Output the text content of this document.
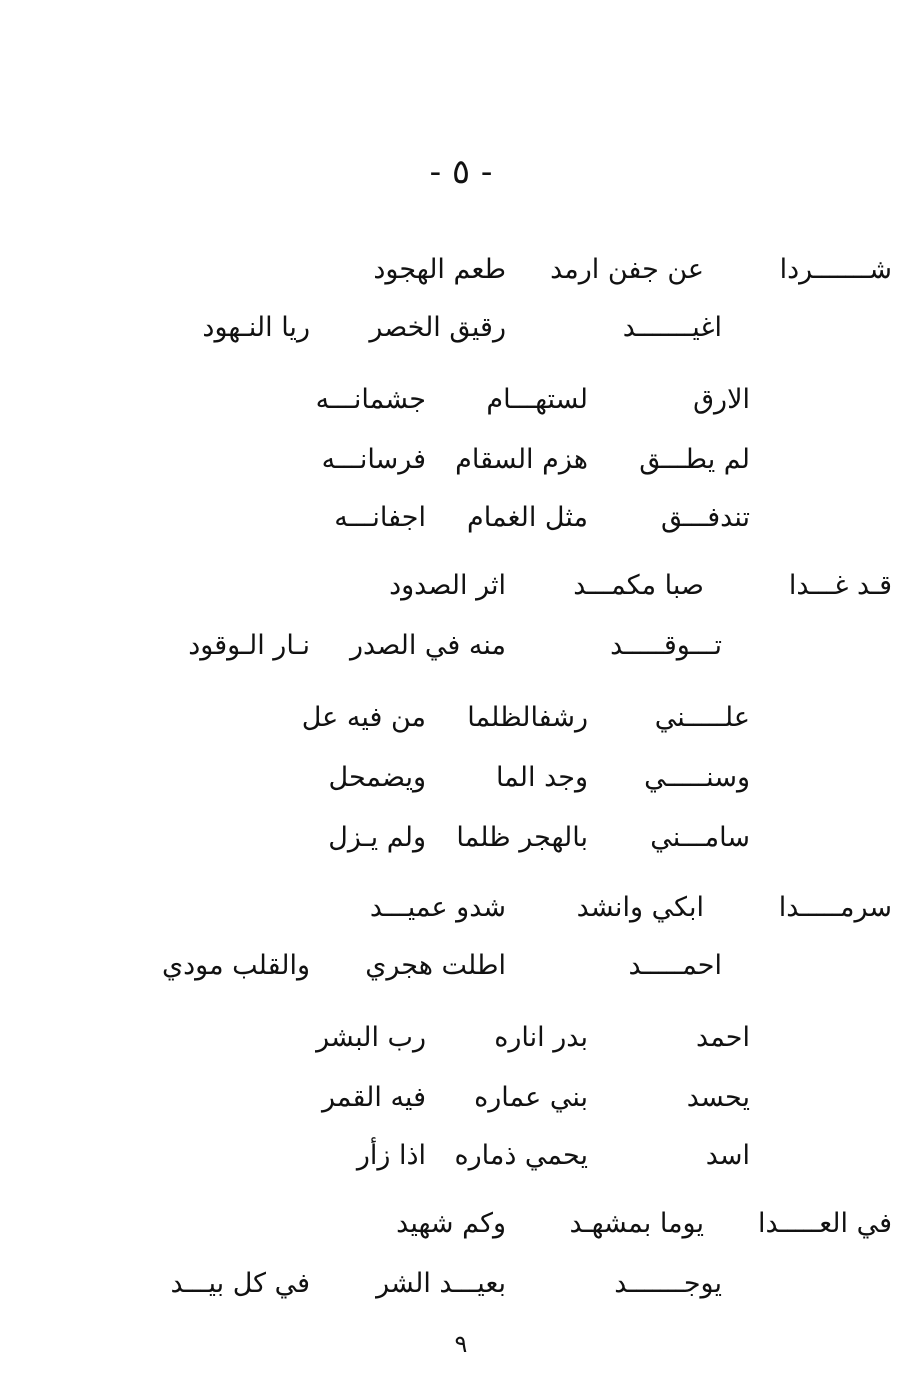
- ٥ -
شـــــــردا
عن جفن ارمد
طعم الهجود
اغيـــــــد
رقيق الخصر
ريا النـهود
الارق
لستهـــام
جشمانـــه
لم يطـــق
هزم السقام
فرسانـــه
تندفـــق
مثل الغمام
اجفانـــه
قـد غـــدا
صبا مكمـــد
اثر الصدود
تـــوقـــــد
منه في الصدر
نـار الـوقود
علـــــني
رشفالظلما
من فيه عل
وسنـــــي
وجد الما
ويضمحل
سامـــني
بالهجر ظلما
ولم يـزل
سرمـــــدا
ابكي وانشد
شدو عميـــد
احمـــــد
اطلت هجري
والقلب مودي
احمد
بدر اناره
رب البشر
يحسد
بني عماره
فيه القمر
اسد
يحمي ذماره
اذا زأر
في العـــــدا
يوما بمشهـد
وكم شهيد
يوجـــــــد
بعيـــد الشر
في كل بيـــد
٩
